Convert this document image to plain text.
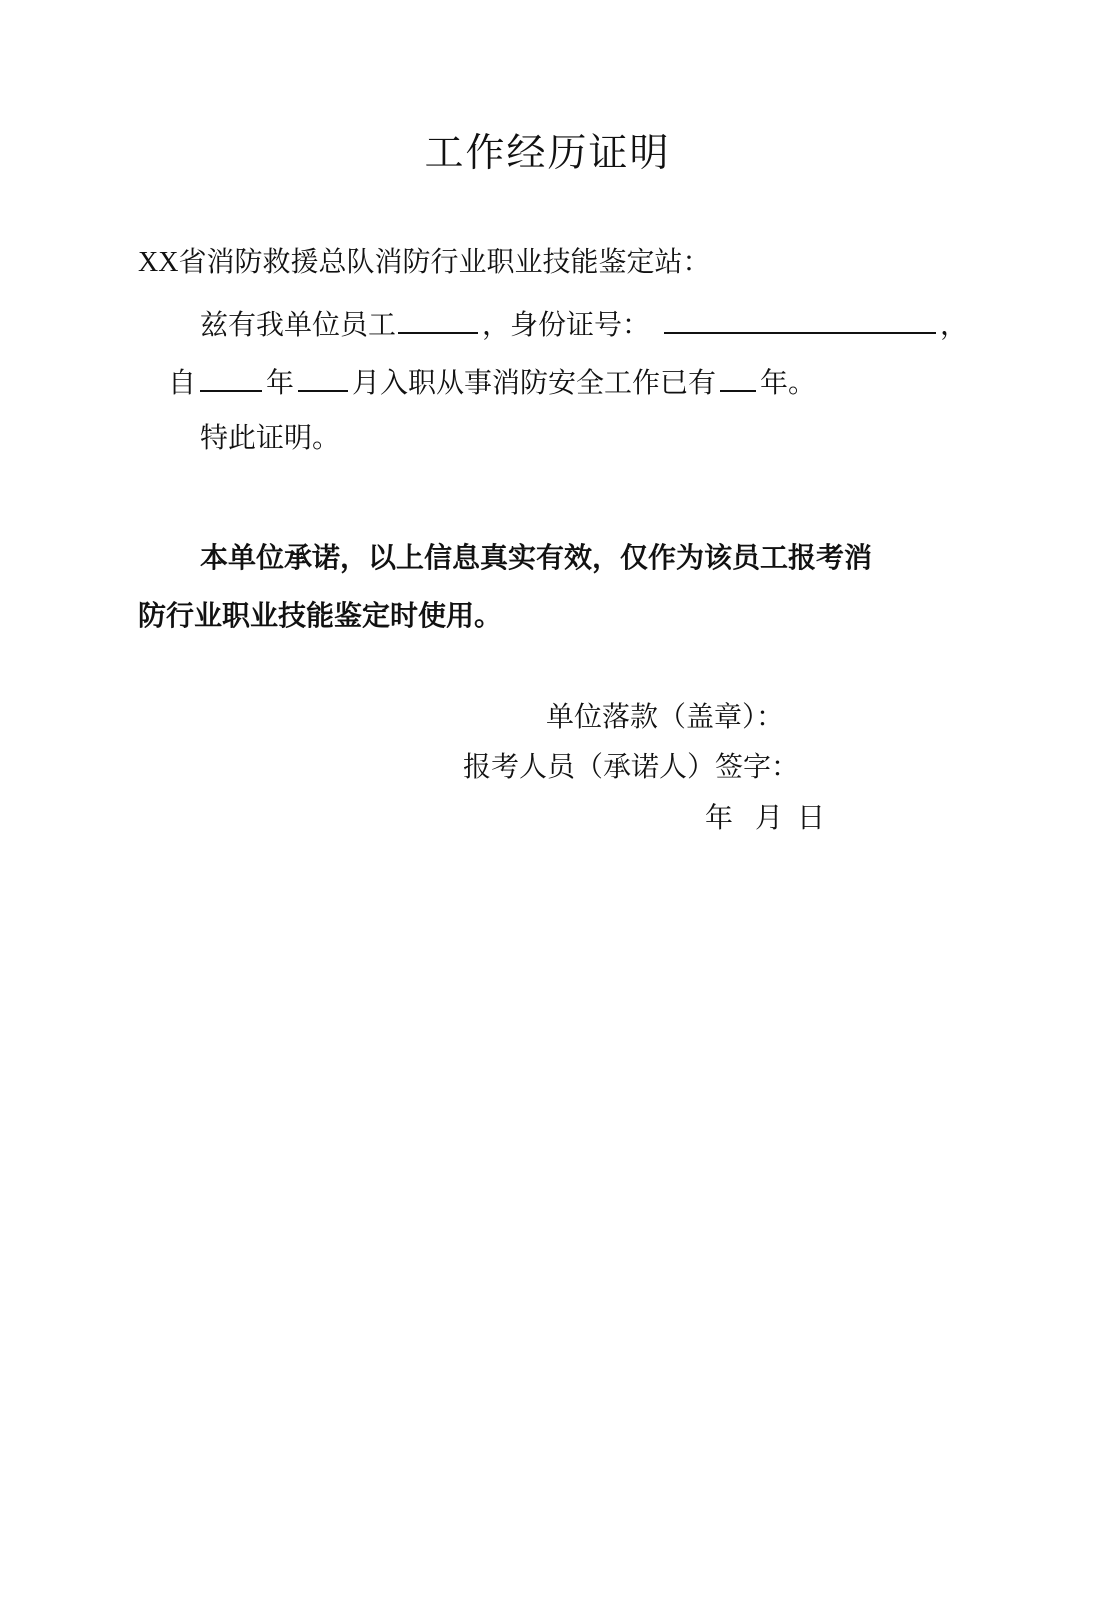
工作经历证明
XX省消防救援总队消防行业职业技能鉴定站：
兹有我单位员工	，身份证号：	，
自	年 月入职从事消防安全工作已有 年。
特此证明。
本单位承诺，以上信息真实有效，仅作为该员工报考消
防行业职业技能鉴定时使用。
单位落款（盖章）：
报考人员（承诺人）签字：
年 月 日
